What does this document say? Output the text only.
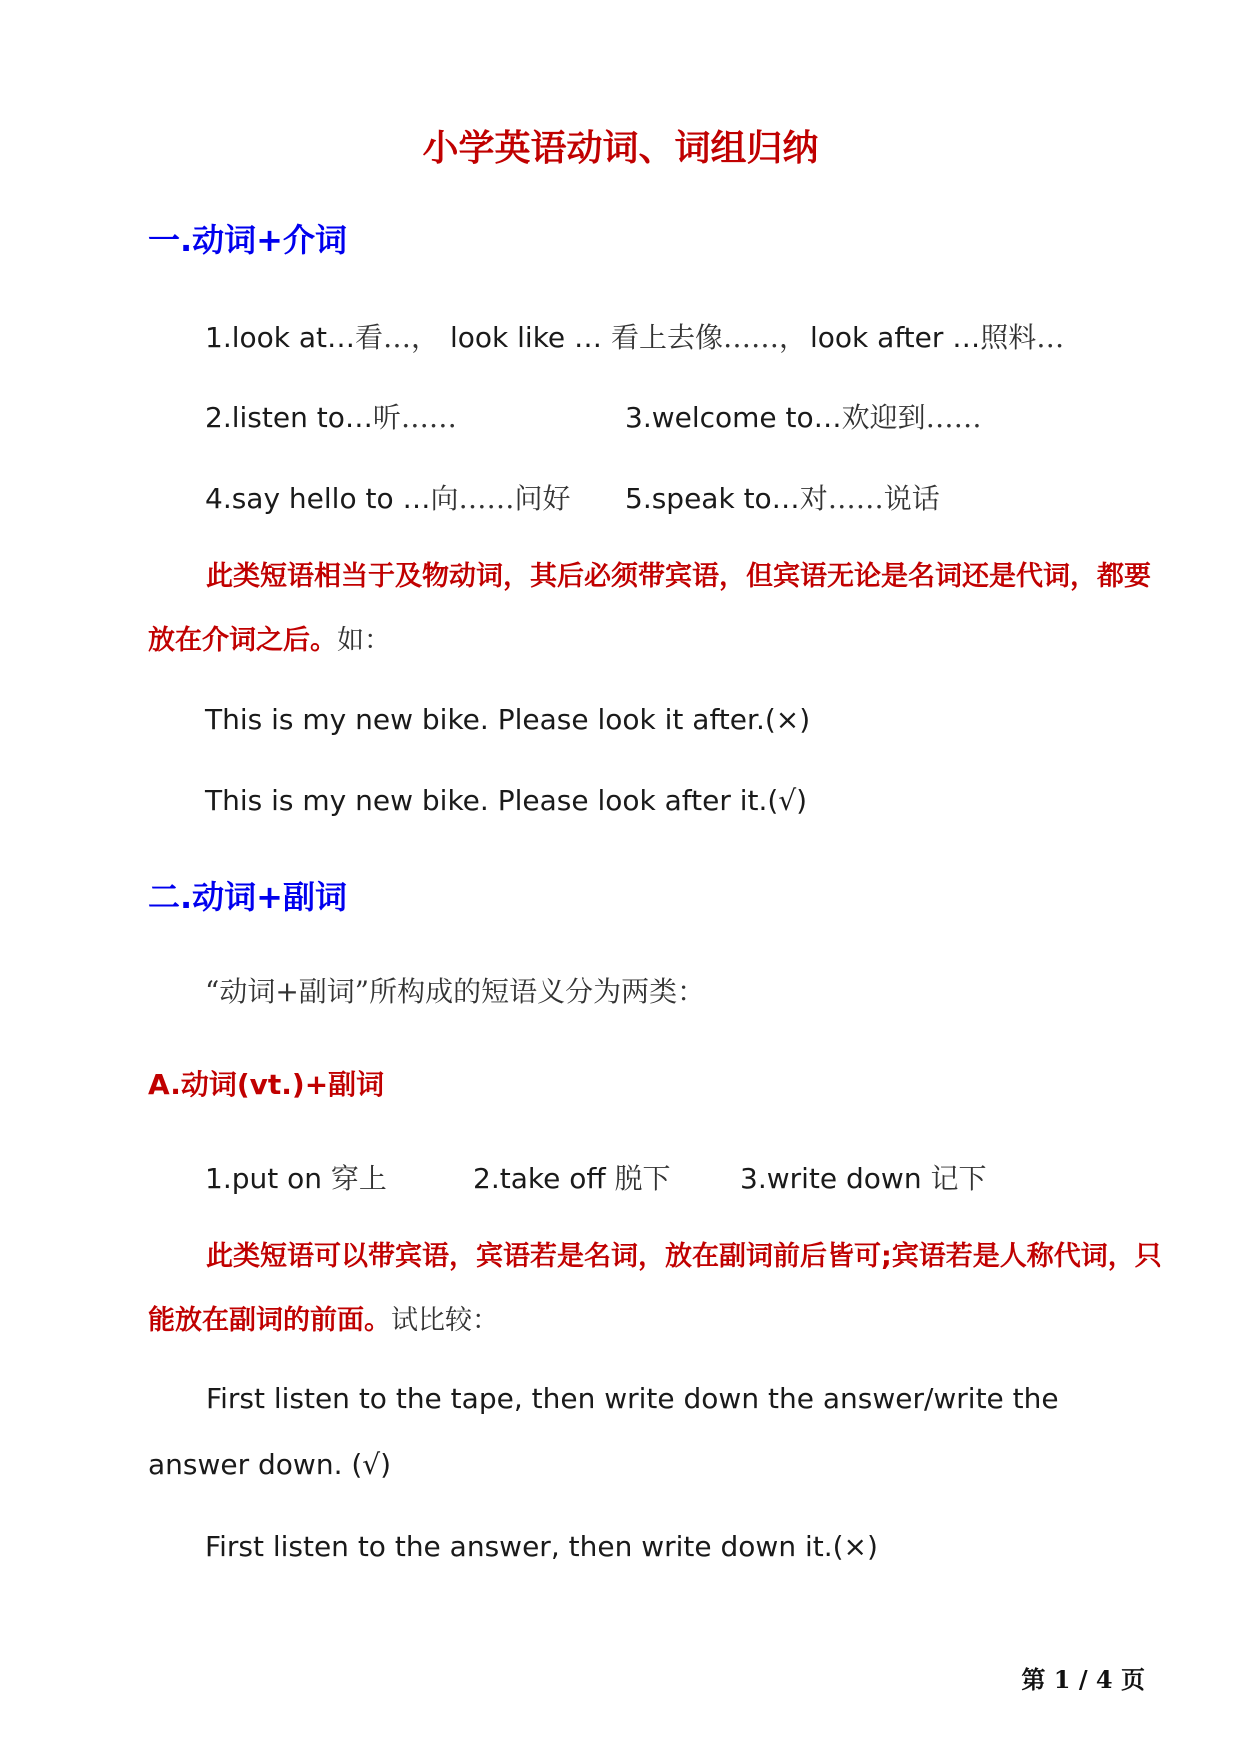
小学英语动词、词组归纳
一.动词+介词
1.look at…看…， look like … 看上去像……， look after …照料…
2.listen to…听……	3.welcome to…欢迎到……
4.say hello to …向……问好 5.speak to…对……说话
此类短语相当于及物动词，其后必须带宾语，但宾语无论是名词还是代词，都要放在介词之后。如：
This is my new bike. Please look it after.(×)
This is my new bike. Please look after it.(√)
二.动词+副词
“动词+副词”所构成的短语义分为两类：
A.动词(vt.)+副词
1.put on 穿上	2.take off 脱下 3.write down 记下
此类短语可以带宾语，宾语若是名词，放在副词前后皆可;宾语若是人称代词，只能放在副词的前面。试比较：
First listen to the tape, then write down the answer/write the answer down. (√)
First listen to the answer, then write down it.(×)
第 1 / 4 页
